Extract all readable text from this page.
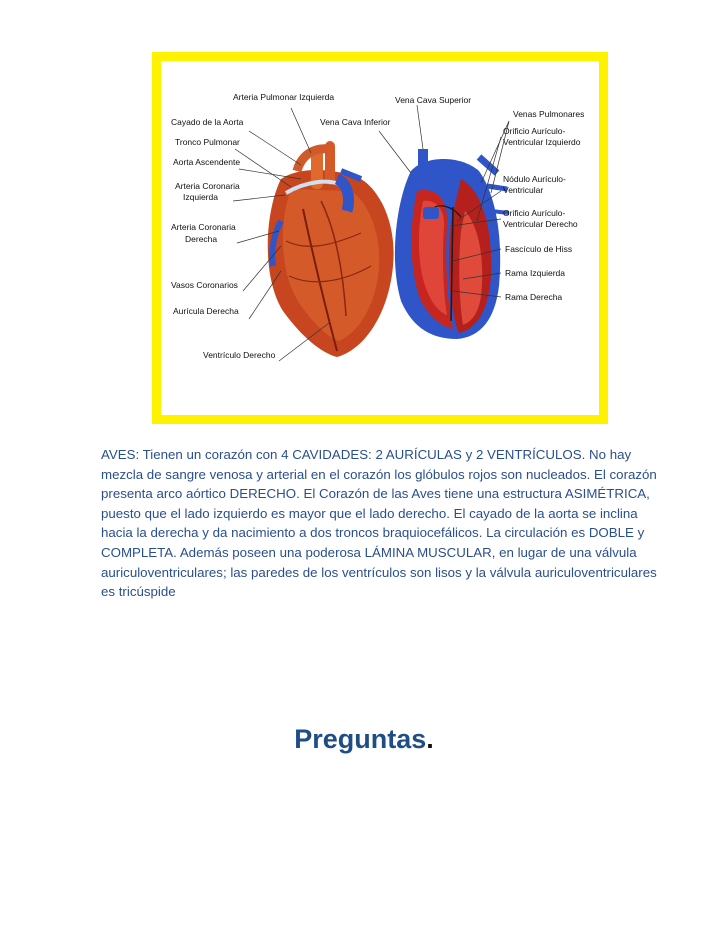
Arteria Pulmonar Izquierda	Vena Cava Superior
Venas Pulmonares
Cayado de la Aorta	Vena Cava Inferior
Orificio Aurículo-
Ventricular Izquierdo
Tronco Pulmonar
Aorta Ascendente
Nódulo Aurículo-
Ventricular
Arteria Coronaria
Izquierda
Orificio Aurículo-
Ventricular Derecho
Arteria Coronaria
Derecha
Fascículo de Hiss
Rama Izquierda
Vasos Coronarios
Rama Derecha
Aurícula Derecha
Ventrículo Derecho

AVES: Tienen un corazón con 4 CAVIDADES: 2 AURÍCULAS y 2 VENTRÍCULOS. No hay
mezcla de sangre venosa y arterial en el corazón los glóbulos rojos son nucleados. El corazón
presenta arco aórtico DERECHO. El Corazón de las Aves tiene una estructura ASIMÉTRICA,
puesto que el lado izquierdo es mayor que el lado derecho. El cayado de la aorta se inclina
hacia la derecha y da nacimiento a dos troncos braquiocefálicos. La circulación es DOBLE y
COMPLETA. Además poseen una poderosa LÁMINA MUSCULAR, en lugar de una válvula
auriculoventriculares; las paredes de los ventrículos son lisos y la válvula auriculoventriculares
es tricúspide

Preguntas.
